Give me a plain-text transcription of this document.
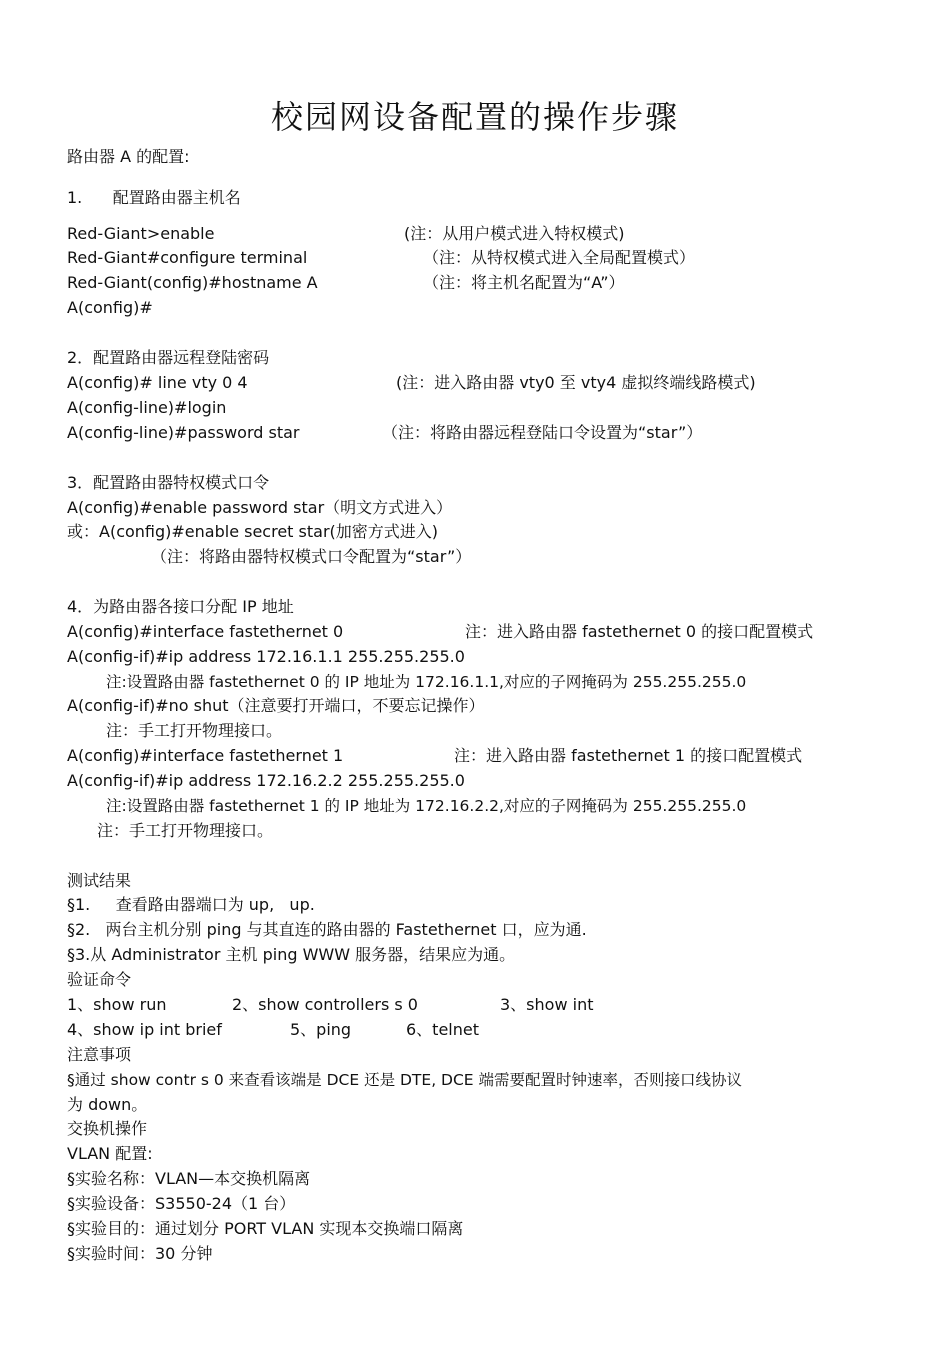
校园网设备配置的操作步骤
路由器 A 的配置:
1.      配置路由器主机名
Red-Giant>enable	(注：从用户模式进入特权模式)
Red-Giant#configure terminal	（注：从特权模式进入全局配置模式）
Red-Giant(config)#hostname A	（注：将主机名配置为“A”）
A(config)#
2．配置路由器远程登陆密码
A(config)# line vty 0 4	(注：进入路由器 vty0 至 vty4 虚拟终端线路模式)
A(config-line)#login
A(config-line)#password star	（注：将路由器远程登陆口令设置为“star”）
3．配置路由器特权模式口令
A(config)#enable password star（明文方式进入）
或：A(config)#enable secret star(加密方式进入)
（注：将路由器特权模式口令配置为“star”）
4．为路由器各接口分配 IP 地址
A(config)#interface fastethernet 0	注：进入路由器 fastethernet 0 的接口配置模式
A(config-if)#ip address 172.16.1.1 255.255.255.0
注:设置路由器 fastethernet 0 的 IP 地址为 172.16.1.1,对应的子网掩码为 255.255.255.0
A(config-if)#no shut（注意要打开端口，不要忘记操作）
注：手工打开物理接口。
A(config)#interface fastethernet 1	注：进入路由器 fastethernet 1 的接口配置模式
A(config-if)#ip address 172.16.2.2 255.255.255.0
注:设置路由器 fastethernet 1 的 IP 地址为 172.16.2.2,对应的子网掩码为 255.255.255.0
注：手工打开物理接口。
测试结果
§1.     查看路由器端口为 up,   up.
§2.   两台主机分别 ping 与其直连的路由器的 Fastethernet 口，应为通.
§3.从 Administrator 主机 ping WWW 服务器，结果应为通。
验证命令
1、show run	2、show controllers s 0	3、show int
4、show ip int brief	5、ping	6、telnet
注意事项
§通过 show contr s 0 来查看该端是 DCE 还是 DTE, DCE 端需要配置时钟速率，否则接口线协议
为 down。
交换机操作
VLAN 配置:
§实验名称：VLAN—本交换机隔离
§实验设备：S3550-24（1 台）
§实验目的：通过划分 PORT VLAN 实现本交换端口隔离
§实验时间：30 分钟
